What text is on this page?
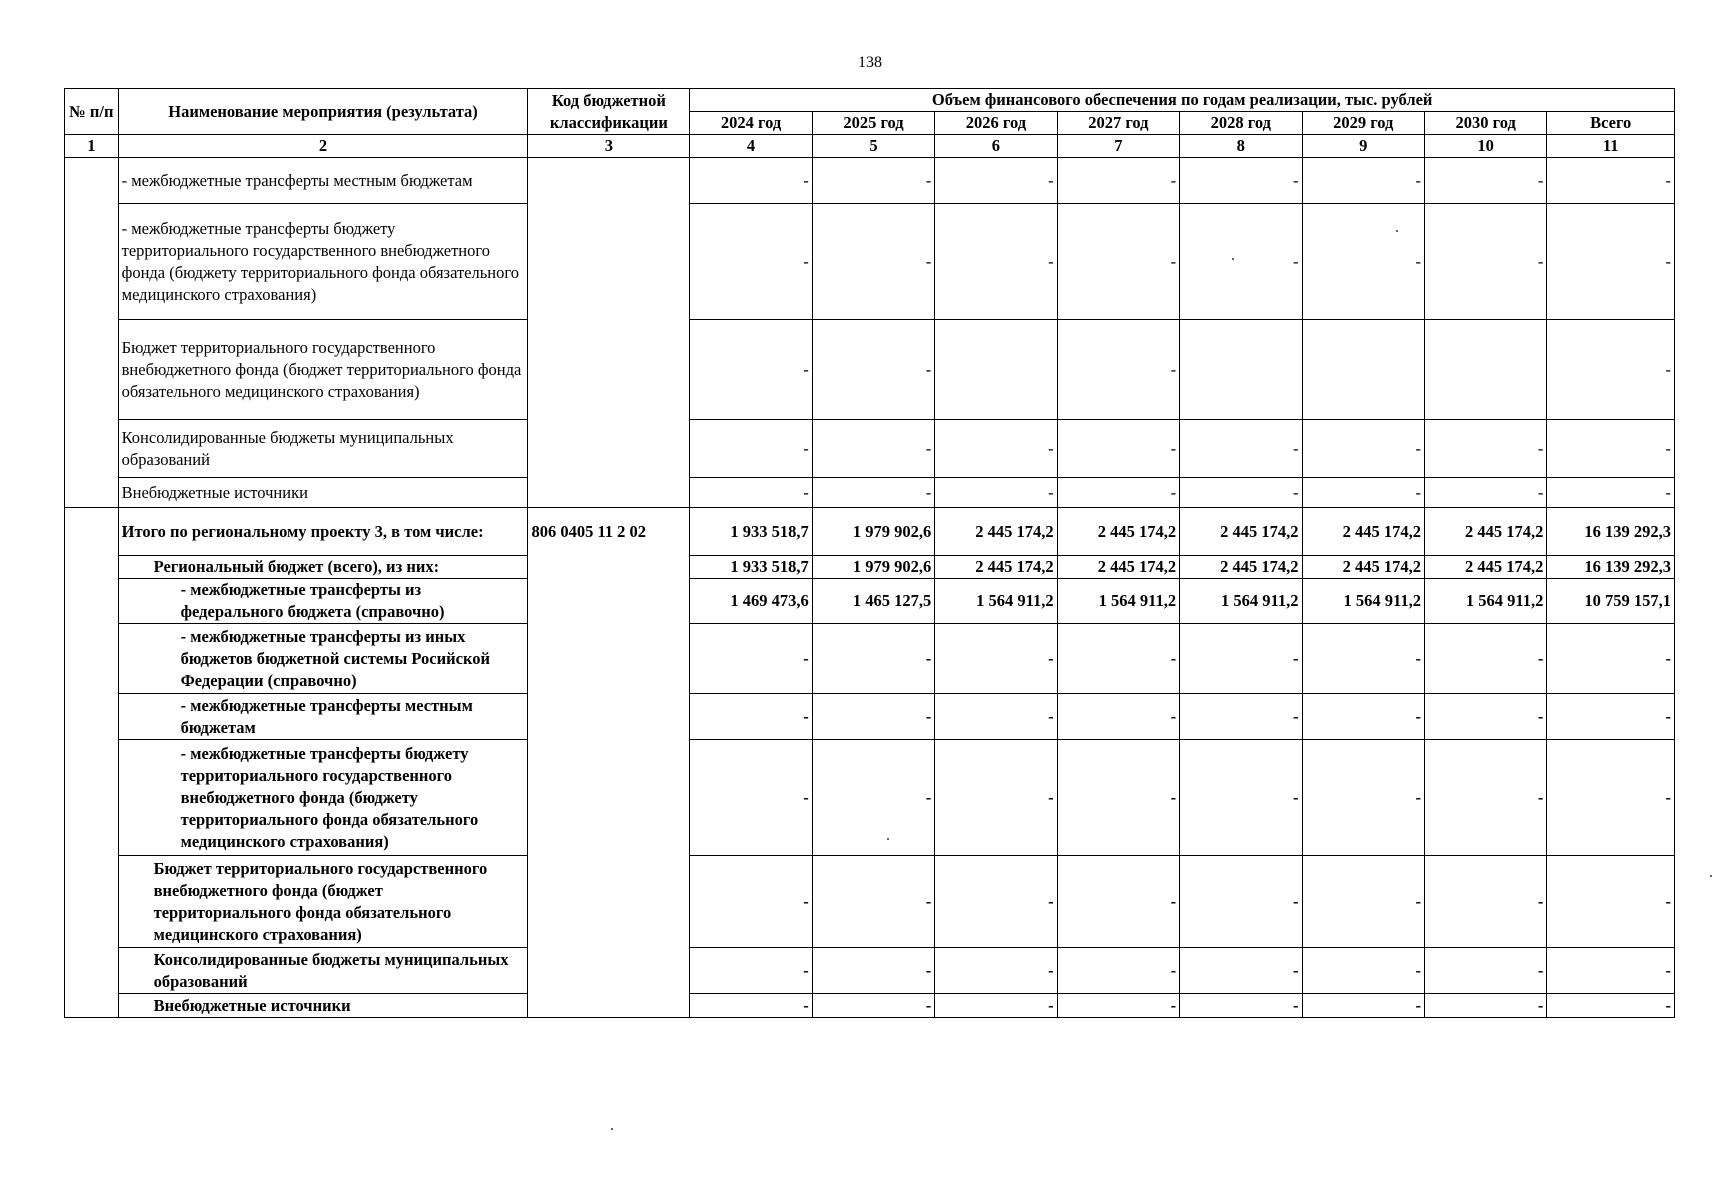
138
№ п/п	Наименование мероприятия (результата)	Код бюджетной классификации	Объем финансового обеспечения по годам реализации, тыс. рублей							
			2024 год	2025 год	2026 год	2027 год	2028 год	2029 год	2030 год	Всего
1	2	3	4	5	6	7	8	9	10	11
	- межбюджетные трансферты местным бюджетам		-	-	-	-	-	-	-	-
	- межбюджетные трансферты бюджету территориального государственного внебюджетного фонда (бюджету территориального фонда обязательного медицинского страхования)		-	-	-	-	-	-	-	-
	Бюджет территориального государственного внебюджетного фонда (бюджет территориального фонда обязательного медицинского страхования)		-	-		-				-
	Консолидированные бюджеты муниципальных образований		-	-	-	-	-	-	-	-
	Внебюджетные источники		-	-	-	-	-	-	-	-
	Итого по региональному проекту 3, в том числе:	806 0405 11 2 02	1 933 518,7	1 979 902,6	2 445 174,2	2 445 174,2	2 445 174,2	2 445 174,2	2 445 174,2	16 139 292,3
	Региональный бюджет (всего), из них:		1 933 518,7	1 979 902,6	2 445 174,2	2 445 174,2	2 445 174,2	2 445 174,2	2 445 174,2	16 139 292,3
	- межбюджетные трансферты из федерального бюджета (справочно)		1 469 473,6	1 465 127,5	1 564 911,2	1 564 911,2	1 564 911,2	1 564 911,2	1 564 911,2	10 759 157,1
	- межбюджетные трансферты из иных бюджетов бюджетной системы Росийской Федерации (справочно)		-	-	-	-	-	-	-	-
	- межбюджетные трансферты местным бюджетам		-	-	-	-	-	-	-	-
	- межбюджетные трансферты бюджету территориального государственного внебюджетного фонда (бюджету территориального фонда обязательного медицинского страхования)		-	-	-	-	-	-	-	-
	Бюджет территориального государственного внебюджетного фонда (бюджет территориального фонда обязательного медицинского страхования)		-	-	-	-	-	-	-	-
	Консолидированные бюджеты муниципальных образований		-	-	-	-	-	-	-	-
	Внебюджетные источники		-	-	-	-	-	-	-	-
